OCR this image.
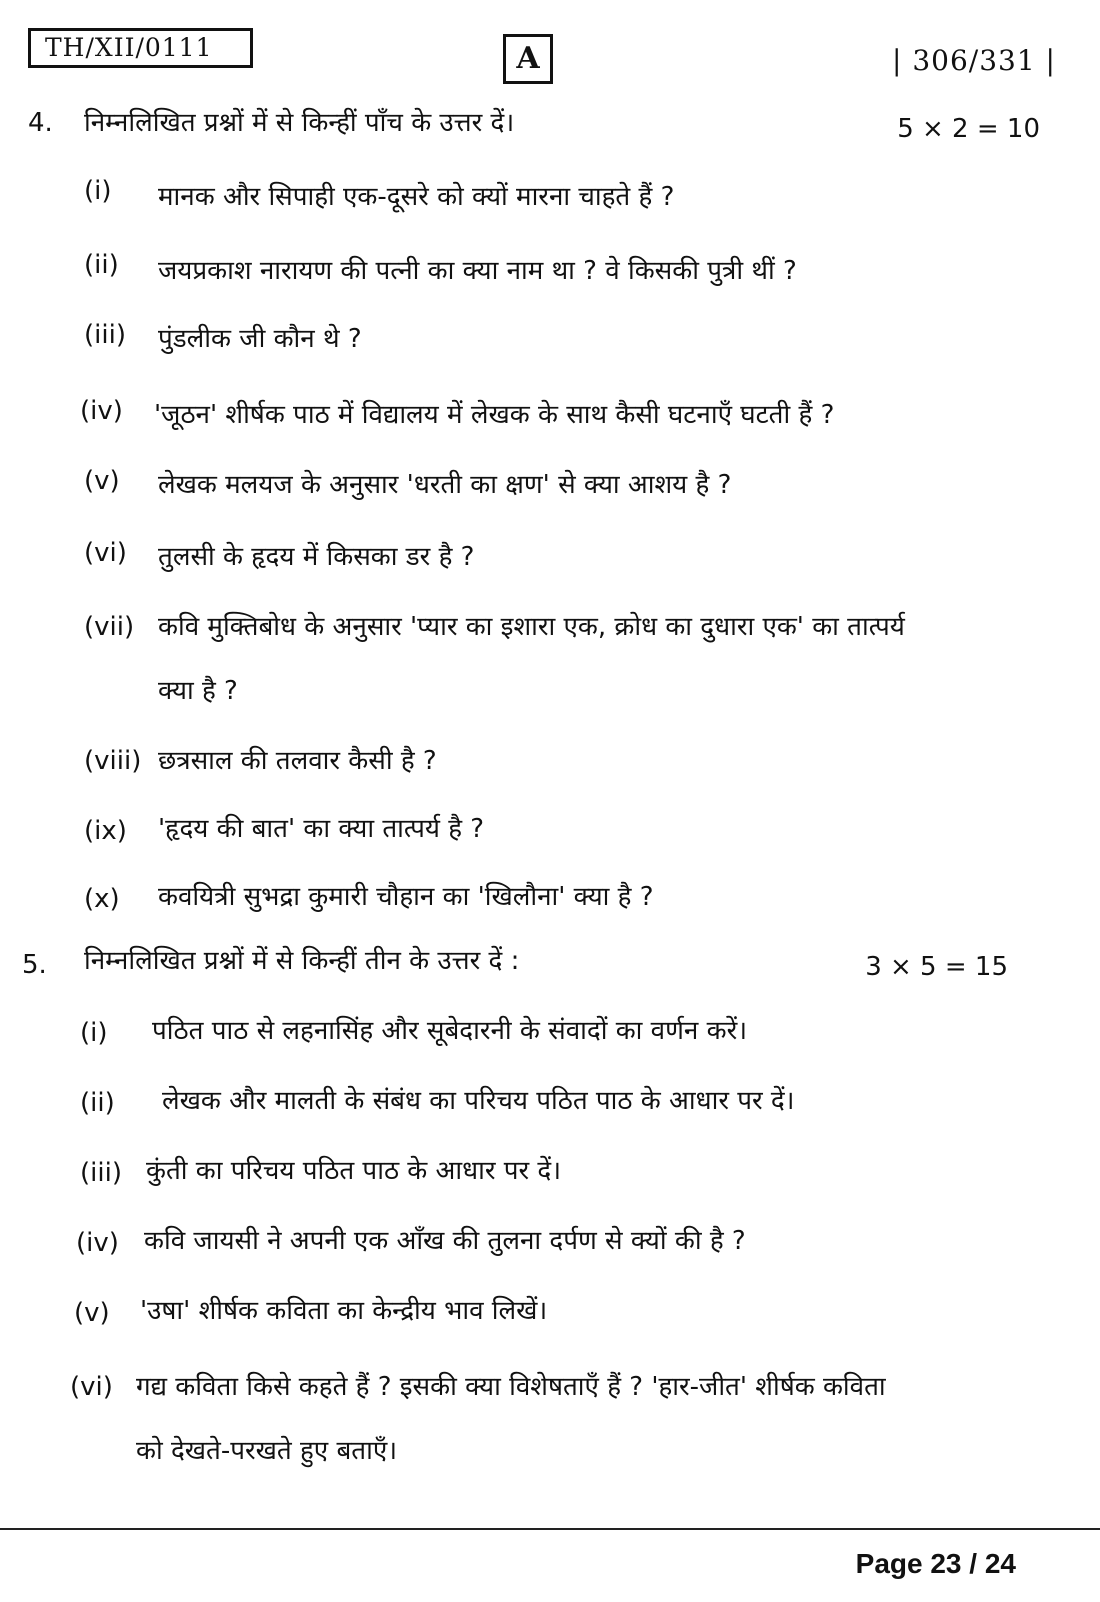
TH/XII/0111	A	| 306/331 |
4. निम्नलिखित प्रश्नों में से किन्हीं पाँच के उत्तर दें।	5 × 2 = 10
(i) मानक और सिपाही एक-दूसरे को क्यों मारना चाहते हैं ?
(ii) जयप्रकाश नारायण की पत्नी का क्या नाम था ? वे किसकी पुत्री थीं ?
(iii) पुंडलीक जी कौन थे ?
(iv) 'जूठन' शीर्षक पाठ में विद्यालय में लेखक के साथ कैसी घटनाएँ घटती हैं ?
(v) लेखक मलयज के अनुसार 'धरती का क्षण' से क्या आशय है ?
(vi) तुलसी के हृदय में किसका डर है ?
(vii) कवि मुक्तिबोध के अनुसार 'प्यार का इशारा एक, क्रोध का दुधारा एक' का तात्पर्य
क्या है ?
(viii) छत्रसाल की तलवार कैसी है ?
(ix) 'हृदय की बात' का क्या तात्पर्य है ?
(x) कवयित्री सुभद्रा कुमारी चौहान का 'खिलौना' क्या है ?
5. निम्नलिखित प्रश्नों में से किन्हीं तीन के उत्तर दें :	3 × 5 = 15
(i) पठित पाठ से लहनासिंह और सूबेदारनी के संवादों का वर्णन करें।
(ii) लेखक और मालती के संबंध का परिचय पठित पाठ के आधार पर दें।
(iii) कुंती का परिचय पठित पाठ के आधार पर दें।
(iv) कवि जायसी ने अपनी एक आँख की तुलना दर्पण से क्यों की है ?
(v) 'उषा' शीर्षक कविता का केन्द्रीय भाव लिखें।
(vi) गद्य कविता किसे कहते हैं ? इसकी क्या विशेषताएँ हैं ? 'हार-जीत' शीर्षक कविता
को देखते-परखते हुए बताएँ।
Page 23 / 24
